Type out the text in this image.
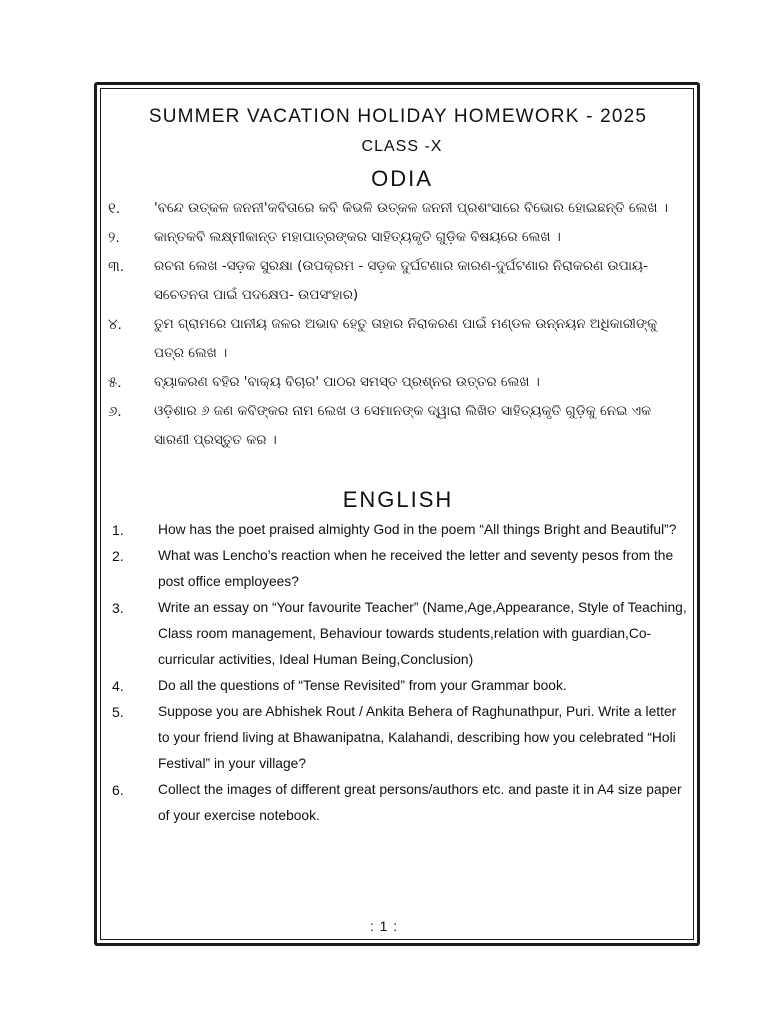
SUMMER VACATION HOLIDAY HOMEWORK - 2025
CLASS -X
ODIA
୧.	'ବନ୍ଦେ ଉତ୍କଳ ଜନନୀ'କବିତାରେ କବି କିଭଳି ଉତ୍କଳ ଜନନୀ ପ୍ରଶଂସାରେ ବିଭୋର ହୋଇଛନ୍ତି ଲେଖ ।
୨.	କାନ୍ତକବି ଲକ୍ଷ୍ମୀକାନ୍ତ ମହାପାତ୍ରଙ୍କର ସାହିତ୍ୟକୃତି ଗୁଡ଼ିକ ବିଷୟରେ ଲେଖ ।
୩.	ରଚନା ଲେଖ -ସଡ଼କ ସୁରକ୍ଷା (ଉପକ୍ରମ - ସଡ଼କ ଦୁର୍ଘଟଣାର କାରଣ-ଦୁର୍ଘଟଣାର ନିରାକରଣ ଉପାୟ-ସଚେତନତା ପାଇଁ ପଦକ୍ଷେପ- ଉପସଂହାର)
୪.	ତୁମ ଗ୍ରାମରେ ପାନୀୟ ଜଳର ଅଭାବ ହେତୁ ତାହାର ନିରାକରଣ ପାଇଁ ମଣ୍ଡଳ ଉନ୍ନୟନ ଅଧିକାରୀଙ୍କୁ ପତ୍ର ଲେଖ ।
୫.	ବ୍ୟାକରଣ ବହିର 'ବାକ୍ୟ ବିଚାର' ପାଠର ସମସ୍ତ ପ୍ରଶ୍ନର ଉତ୍ତର ଲେଖ ।
୬.	ଓଡ଼ିଶାର ୬ ଜଣ କବିଙ୍କର ନାମ ଲେଖ ଓ ସେମାନଙ୍କ ଦ୍ୱାରା ଲିଖିତ ସାହିତ୍ୟକୃତି ଗୁଡ଼ିକୁ ନେଇ ଏକ ସାରଣୀ ପ୍ରସ୍ତୁତ କର ।
ENGLISH
1.	How has the poet praised almighty God in the poem “All things Bright and Beautiful”?
2.	What was Lencho’s reaction when he received the letter and seventy pesos from the post office employees?
3.	Write an essay on “Your favourite Teacher” (Name,Age,Appearance, Style of Teaching, Class room management, Behaviour towards students,relation with guardian,Co-curricular activities, Ideal Human Being,Conclusion)
4.	Do all the questions of “Tense Revisited” from your Grammar book.
5.	Suppose you are Abhishek Rout / Ankita Behera of Raghunathpur, Puri. Write a letter to your friend living at Bhawanipatna, Kalahandi, describing how you celebrated “Holi Festival” in your village?
6.	Collect the images of different great persons/authors etc. and paste it in A4 size paper of your exercise notebook.
: 1 :
